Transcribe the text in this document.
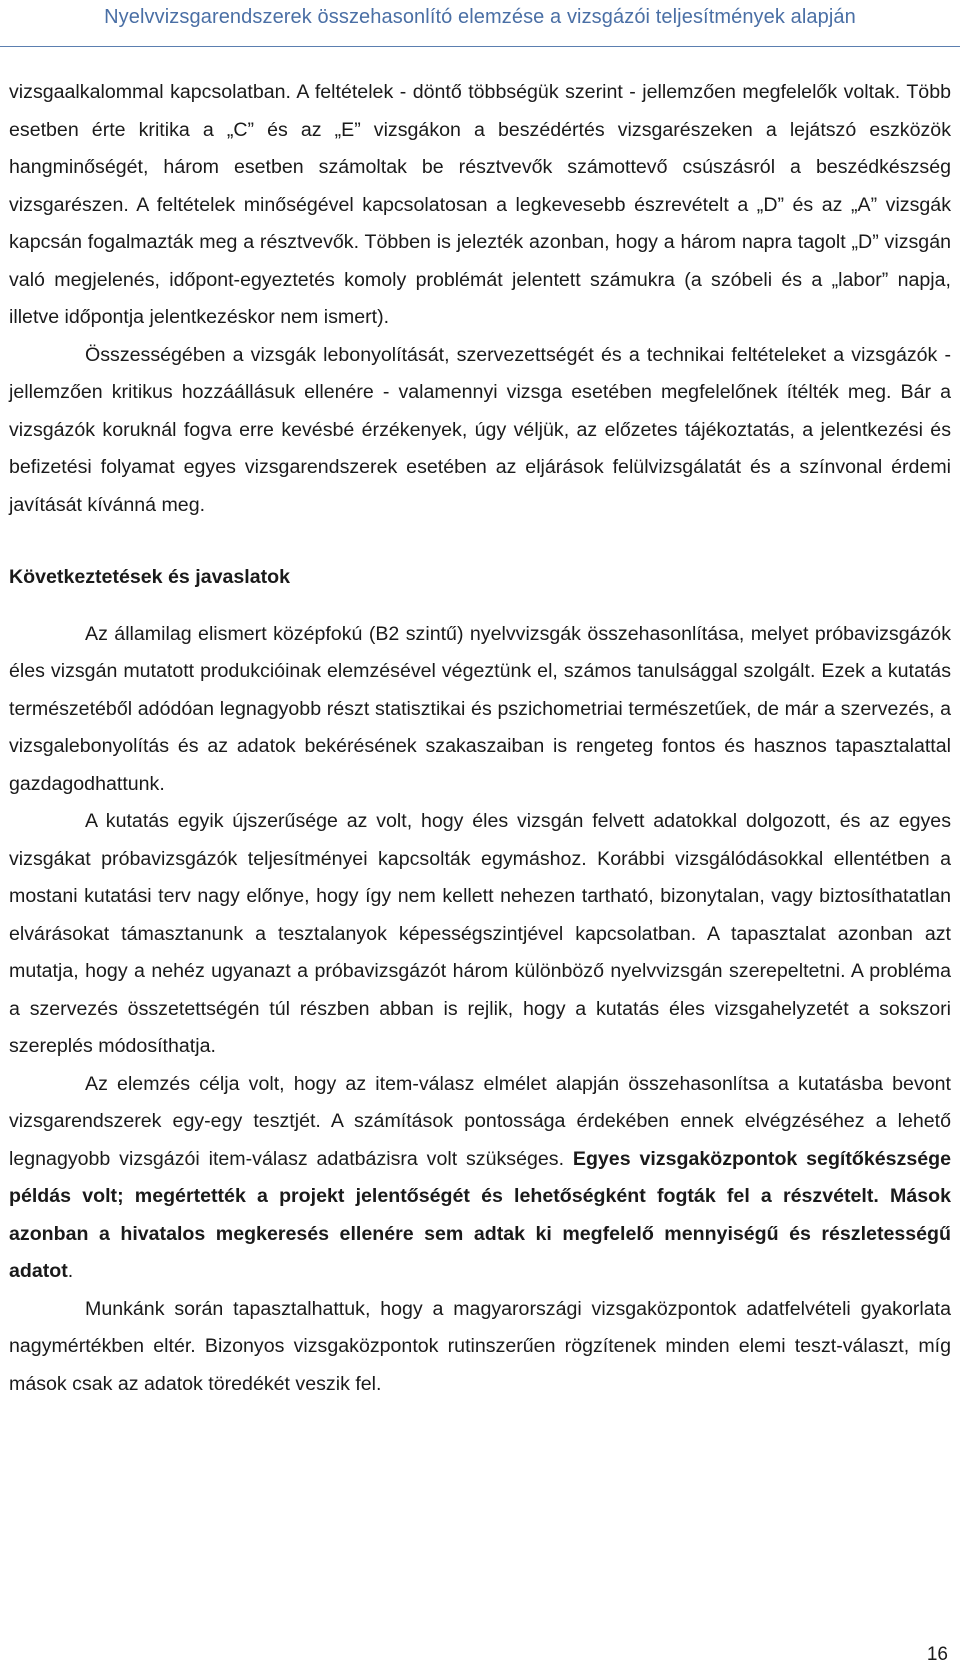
Nyelvvizsgarendszerek összehasonlító elemzése a vizsgázói teljesítmények alapján

vizsgaalkalommal kapcsolatban. A feltételek - döntő többségük szerint - jellemzően megfelelők voltak. Több esetben érte kritika a „C” és az „E” vizsgákon a beszédértés vizsgarészeken a lejátszó eszközök hangminőségét, három esetben számoltak be résztvevők számottevő csúszásról a beszédkészség vizsgarészen. A feltételek minőségével kapcsolatosan a legkevesebb észrevételt a „D” és az „A” vizsgák kapcsán fogalmazták meg a résztvevők. Többen is jelezték azonban, hogy a három napra tagolt „D” vizsgán való megjelenés, időpont-egyeztetés komoly problémát jelentett számukra (a szóbeli és a „labor” napja, illetve időpontja jelentkezéskor nem ismert).

Összességében a vizsgák lebonyolítását, szervezettségét és a technikai feltételeket a vizsgázók - jellemzően kritikus hozzáállásuk ellenére - valamennyi vizsga esetében megfelelőnek ítélték meg. Bár a vizsgázók koruknál fogva erre kevésbé érzékenyek, úgy véljük, az előzetes tájékoztatás, a jelentkezési és befizetési folyamat egyes vizsgarendszerek esetében az eljárások felülvizsgálatát és a színvonal érdemi javítását kívánná meg.

Következtetések és javaslatok

Az államilag elismert középfokú (B2 szintű) nyelvvizsgák összehasonlítása, melyet próbavizsgázók éles vizsgán mutatott produkcióinak elemzésével végeztünk el, számos tanulsággal szolgált. Ezek a kutatás természetéből adódóan legnagyobb részt statisztikai és pszichometriai természetűek, de már a szervezés, a vizsgalebonyolítás és az adatok bekérésének szakaszaiban is rengeteg fontos és hasznos tapasztalattal gazdagodhattunk.

A kutatás egyik újszerűsége az volt, hogy éles vizsgán felvett adatokkal dolgozott, és az egyes vizsgákat próbavizsgázók teljesítményei kapcsolták egymáshoz. Korábbi vizsgálódásokkal ellentétben a mostani kutatási terv nagy előnye, hogy így nem kellett nehezen tartható, bizonytalan, vagy biztosíthatatlan elvárásokat támasztanunk a tesztalanyok képességszintjével kapcsolatban. A tapasztalat azonban azt mutatja, hogy a nehéz ugyanazt a próbavizsgázót három különböző nyelvvizsgán szerepeltetni. A probléma a szervezés összetettségén túl részben abban is rejlik, hogy a kutatás éles vizsgahelyzetét a sokszori szereplés módosíthatja.

Az elemzés célja volt, hogy az item-válasz elmélet alapján összehasonlítsa a kutatásba bevont vizsgarendszerek egy-egy tesztjét. A számítások pontossága érdekében ennek elvégzéséhez a lehető legnagyobb vizsgázói item-válasz adatbázisra volt szükséges. Egyes vizsgaközpontok segítőkészsége példás volt; megértették a projekt jelentőségét és lehetőségként fogták fel a részvételt. Mások azonban a hivatalos megkeresés ellenére sem adtak ki megfelelő mennyiségű és részletességű adatot.

Munkánk során tapasztalhattuk, hogy a magyarországi vizsgaközpontok adatfelvételi gyakorlata nagymértékben eltér. Bizonyos vizsgaközpontok rutinszerűen rögzítenek minden elemi teszt-választ, míg mások csak az adatok töredékét veszik fel.

16
